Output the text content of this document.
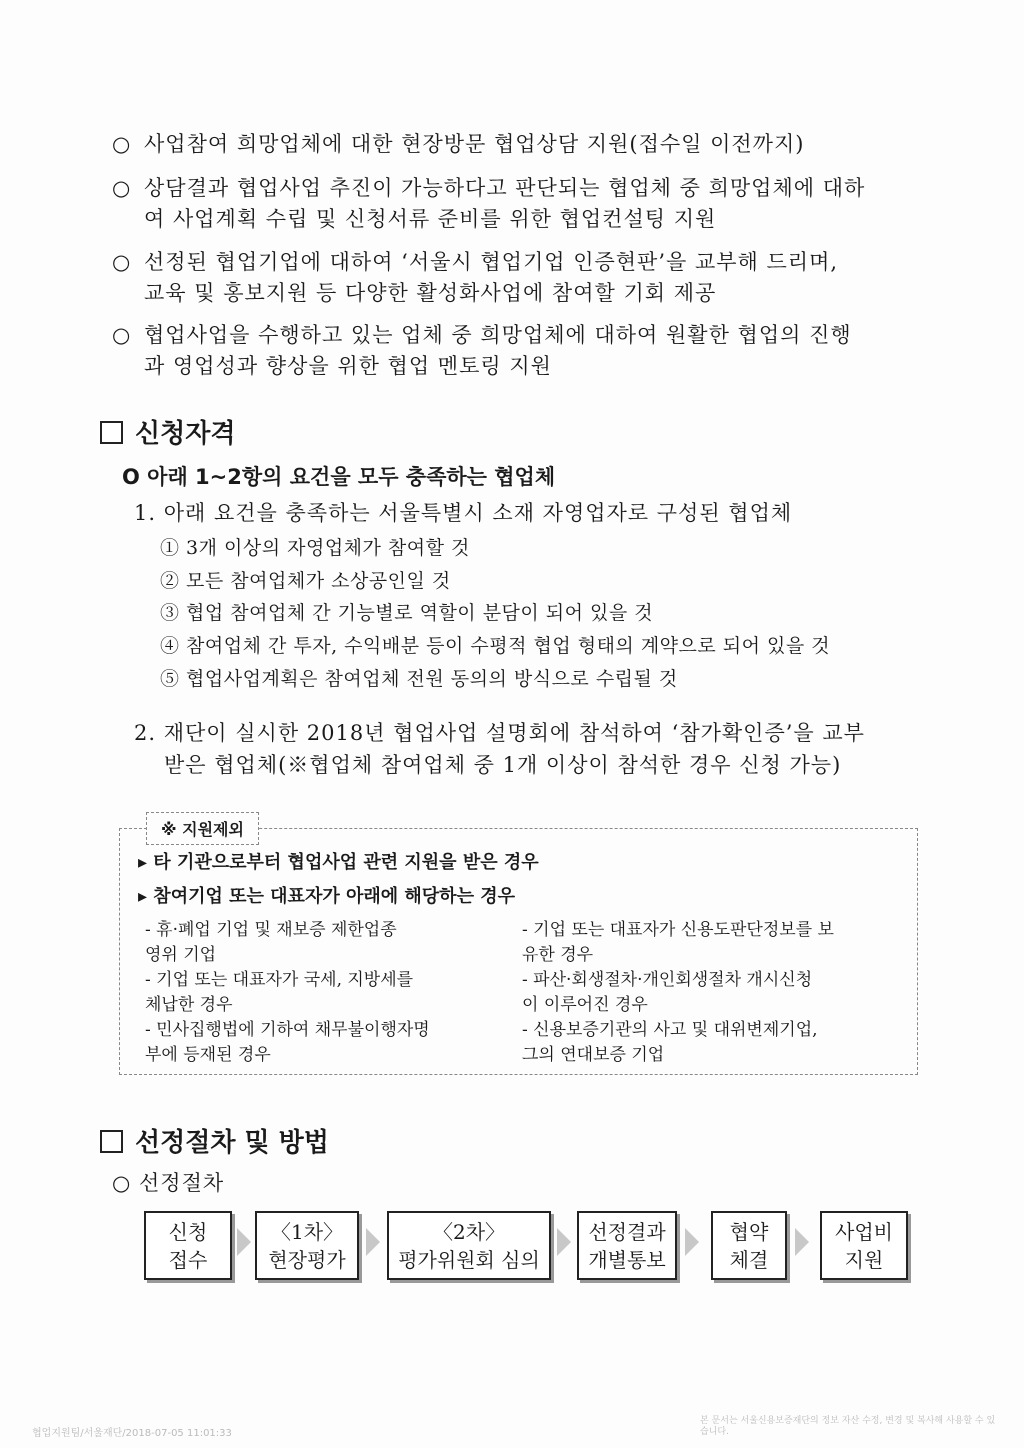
○ 사업참여 희망업체에 대한 현장방문 협업상담 지원(접수일 이전까지)
○ 상담결과 협업사업 추진이 가능하다고 판단되는 협업체 중 희망업체에 대하
여 사업계획 수립 및 신청서류 준비를 위한 협업컨설팅 지원
○ 선정된 협업기업에 대하여 ‘서울시 협업기업 인증현판’을 교부해 드리며,
교육 및 홍보지원 등 다양한 활성화사업에 참여할 기회 제공
○ 협업사업을 수행하고 있는 업체 중 희망업체에 대하여 원활한 협업의 진행
과 영업성과 향상을 위한 협업 멘토링 지원
신청자격
O 아래 1~2항의 요건을 모두 충족하는 협업체
1. 아래 요건을 충족하는 서울특별시 소재 자영업자로 구성된 협업체
① 3개 이상의 자영업체가 참여할 것
② 모든 참여업체가 소상공인일 것
③ 협업 참여업체 간 기능별로 역할이 분담이 되어 있을 것
④ 참여업체 간 투자, 수익배분 등이 수평적 협업 형태의 계약으로 되어 있을 것
⑤ 협업사업계획은 참여업체 전원 동의의 방식으로 수립될 것
2. 재단이 실시한 2018년 협업사업 설명회에 참석하여 ‘참가확인증’을 교부
받은 협업체(※협업체 참여업체 중 1개 이상이 참석한 경우 신청 가능)
※ 지원제외
▸ 타 기관으로부터 협업사업 관련 지원을 받은 경우
▸ 참여기업 또는 대표자가 아래에 해당하는 경우
- 휴·폐업 기업 및 재보증 제한업종
영위 기업
- 기업 또는 대표자가 국세, 지방세를
체납한 경우
- 민사집행법에 기하여 채무불이행자명
부에 등재된 경우
- 기업 또는 대표자가 신용도판단정보를 보
유한 경우
- 파산·회생절차·개인회생절차 개시신청
이 이루어진 경우
- 신용보증기관의 사고 및 대위변제기업,
그의 연대보증 기업
선정절차 및 방법
○ 선정절차
신청
접수
〈1차〉
현장평가
〈2차〉
평가위원회 심의
선정결과
개별통보
협약
체결
사업비
지원
협업지원팀/서울재단/2018-07-05 11:01:33
본 문서는 서울신용보증재단의 정보 자산 수정, 변경 및 복사해 사용할 수 있습니다.
